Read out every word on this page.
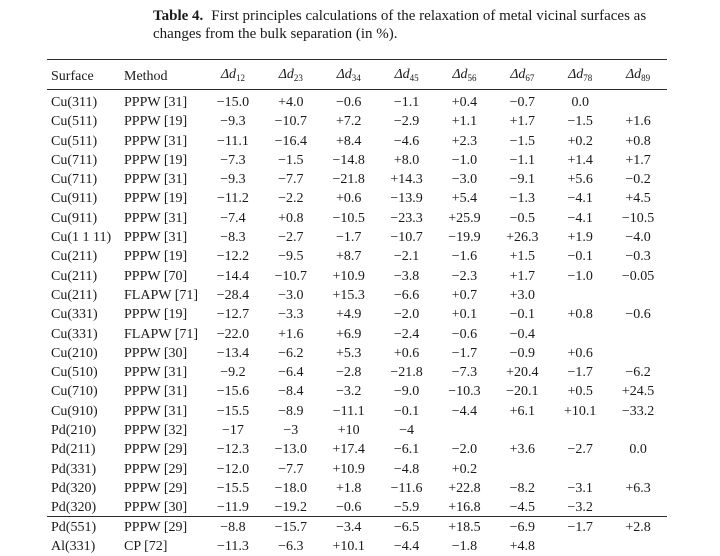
Table 4. First principles calculations of the relaxation of metal vicinal surfaces as changes from the bulk separation (in %).
Surface	Method	$\Delta d_{12}$	$\Delta d_{23}$	$\Delta d_{34}$	$\Delta d_{45}$	$\Delta d_{56}$	$\Delta d_{67}$	$\Delta d_{78}$	$\Delta d_{89}$
Cu(311)	PPPW [31]	−15.0	+4.0	−0.6	−1.1	+0.4	−0.7	0.0	
Cu(511)	PPPW [19]	−9.3	−10.7	+7.2	−2.9	+1.1	+1.7	−1.5	+1.6
Cu(511)	PPPW [31]	−11.1	−16.4	+8.4	−4.6	+2.3	−1.5	+0.2	+0.8
Cu(711)	PPPW [19]	−7.3	−1.5	−14.8	+8.0	−1.0	−1.1	+1.4	+1.7
Cu(711)	PPPW [31]	−9.3	−7.7	−21.8	+14.3	−3.0	−9.1	+5.6	−0.2
Cu(911)	PPPW [19]	−11.2	−2.2	+0.6	−13.9	+5.4	−1.3	−4.1	+4.5
Cu(911)	PPPW [31]	−7.4	+0.8	−10.5	−23.3	+25.9	−0.5	−4.1	−10.5
Cu(1 1 11)	PPPW [31]	−8.3	−2.7	−1.7	−10.7	−19.9	+26.3	+1.9	−4.0
Cu(211)	PPPW [19]	−12.2	−9.5	+8.7	−2.1	−1.6	+1.5	−0.1	−0.3
Cu(211)	PPPW [70]	−14.4	−10.7	+10.9	−3.8	−2.3	+1.7	−1.0	−0.05
Cu(211)	FLAPW [71]	−28.4	−3.0	+15.3	−6.6	+0.7	+3.0		
Cu(331)	PPPW [19]	−12.7	−3.3	+4.9	−2.0	+0.1	−0.1	+0.8	−0.6
Cu(331)	FLAPW [71]	−22.0	+1.6	+6.9	−2.4	−0.6	−0.4		
Cu(210)	PPPW [30]	−13.4	−6.2	+5.3	+0.6	−1.7	−0.9	+0.6	
Cu(510)	PPPW [31]	−9.2	−6.4	−2.8	−21.8	−7.3	+20.4	−1.7	−6.2
Cu(710)	PPPW [31]	−15.6	−8.4	−3.2	−9.0	−10.3	−20.1	+0.5	+24.5
Cu(910)	PPPW [31]	−15.5	−8.9	−11.1	−0.1	−4.4	+6.1	+10.1	−33.2
Pd(210)	PPPW [32]	−17	−3	+10	−4				
Pd(211)	PPPW [29]	−12.3	−13.0	+17.4	−6.1	−2.0	+3.6	−2.7	0.0
Pd(331)	PPPW [29]	−12.0	−7.7	+10.9	−4.8	+0.2			
Pd(320)	PPPW [29]	−15.5	−18.0	+1.8	−11.6	+22.8	−8.2	−3.1	+6.3
Pd(320)	PPPW [30]	−11.9	−19.2	−0.6	−5.9	+16.8	−4.5	−3.2	
Pd(551)	PPPW [29]	−8.8	−15.7	−3.4	−6.5	+18.5	−6.9	−1.7	+2.8
Al(331)	CP [72]	−11.3	−6.3	+10.1	−4.4	−1.8	+4.8		
